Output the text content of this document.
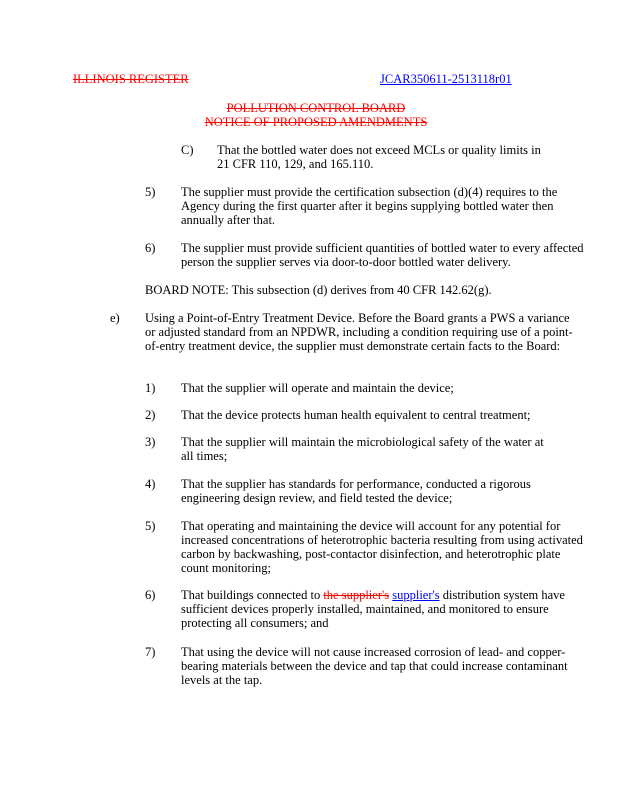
ILLINOIS REGISTER	JCAR350611-2513118r01
POLLUTION CONTROL BOARD
NOTICE OF PROPOSED AMENDMENTS
C) That the bottled water does not exceed MCLs or quality limits in 21 CFR 110, 129, and 165.110.

5) The supplier must provide the certification subsection (d)(4) requires to the Agency during the first quarter after it begins supplying bottled water then annually after that.

6) The supplier must provide sufficient quantities of bottled water to every affected person the supplier serves via door-to-door bottled water delivery.

BOARD NOTE: This subsection (d) derives from 40 CFR 142.62(g).

e) Using a Point-of-Entry Treatment Device. Before the Board grants a PWS a variance or adjusted standard from an NPDWR, including a condition requiring use of a point-of-entry treatment device, the supplier must demonstrate certain facts to the Board:

1) That the supplier will operate and maintain the device;

2) That the device protects human health equivalent to central treatment;

3) That the supplier will maintain the microbiological safety of the water at all times;

4) That the supplier has standards for performance, conducted a rigorous engineering design review, and field tested the device;

5) That operating and maintaining the device will account for any potential for increased concentrations of heterotrophic bacteria resulting from using activated carbon by backwashing, post-contactor disinfection, and heterotrophic plate count monitoring;

6) That buildings connected to the supplier's supplier's distribution system have sufficient devices properly installed, maintained, and monitored to ensure protecting all consumers; and

7) That using the device will not cause increased corrosion of lead- and copper-bearing materials between the device and tap that could increase contaminant levels at the tap.
